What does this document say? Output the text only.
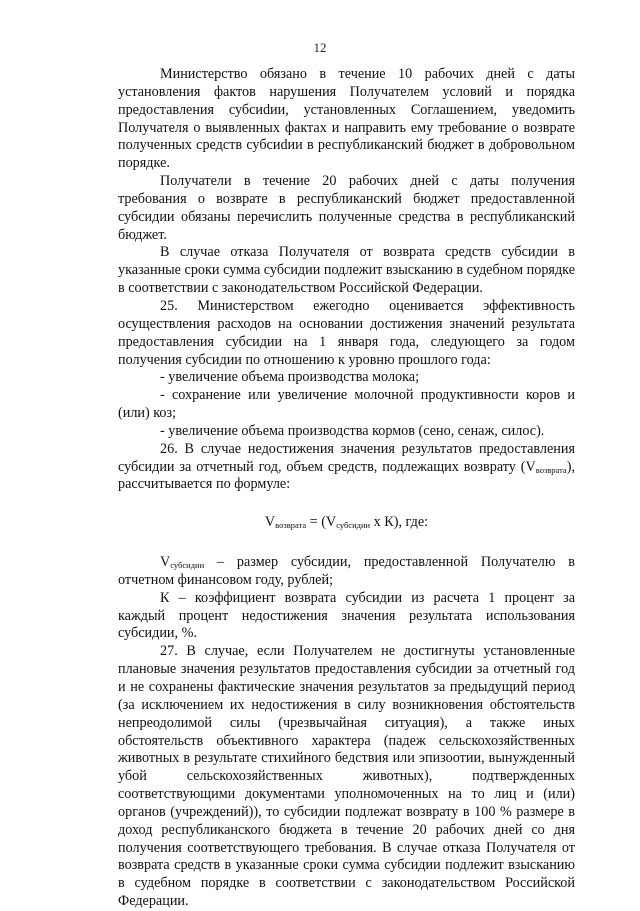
12

Министерство обязано в течение 10 рабочих дней с даты установления фактов нарушения Получателем условий и порядка предоставления субсиdии, установленных Соглашением, уведомить Получателя о выявленных фактах и направить ему требование о возврате полученных средств субсиdии в республиканский бюджет в добровольном порядке.

Получатели в течение 20 рабочих дней с даты получения требования о возврате в республиканский бюджет предоставленной субсидии обязаны перечислить полученные средства в республиканский бюджет.

В случае отказа Получателя от возврата средств субсидии в указанные сроки сумма субсидии подлежит взысканию в судебном порядке в соответствии с законодательством Российской Федерации.

25. Министерством ежегодно оценивается эффективность осуществления расходов на основании достижения значений результата предоставления субсидии на 1 января года, следующего за годом получения субсидии по отношению к уровню прошлого года:

- увеличение объема производства молока;

- сохранение или увеличение молочной продуктивности коров и (или) коз;

- увеличение объема производства кормов (сено, сенаж, силос).

26. В случае недостижения значения результатов предоставления субсидии за отчетный год, объем средств, подлежащих возврату $(V_{возврата})$, рассчитывается по формуле:

$V_{возврата} = (V_{субсидии}$ x К), где:

$V_{субсидии}$ – размер субсидии, предоставленной Получателю в отчетном финансовом году, рублей;

К – коэффициент возврата субсидии из расчета 1 процент за каждый процент недостижения значения результата использования субсидии, %.

27. В случае, если Получателем не достигнуты установленные плановые значения результатов предоставления субсидии за отчетный год и не сохранены фактические значения результатов за предыдущий период (за исключением их недостижения в силу возникновения обстоятельств непреодолимой силы (чрезвычайная ситуация), а также иных обстоятельств объективного характера (падеж сельскохозяйственных животных в результате стихийного бедствия или эпизоотии, вынужденный убой сельскохозяйственных животных), подтвержденных соответствующими документами уполномоченных на то лиц и (или) органов (учреждений)), то субсидии подлежат возврату в 100 % размере в доход республиканского бюджета в течение 20 рабочих дней со дня получения соответствующего требования. В случае отказа Получателя от возврата средств в указанные сроки сумма субсидии подлежит взысканию в судебном порядке в соответствии с законодательством Российской Федерации.
